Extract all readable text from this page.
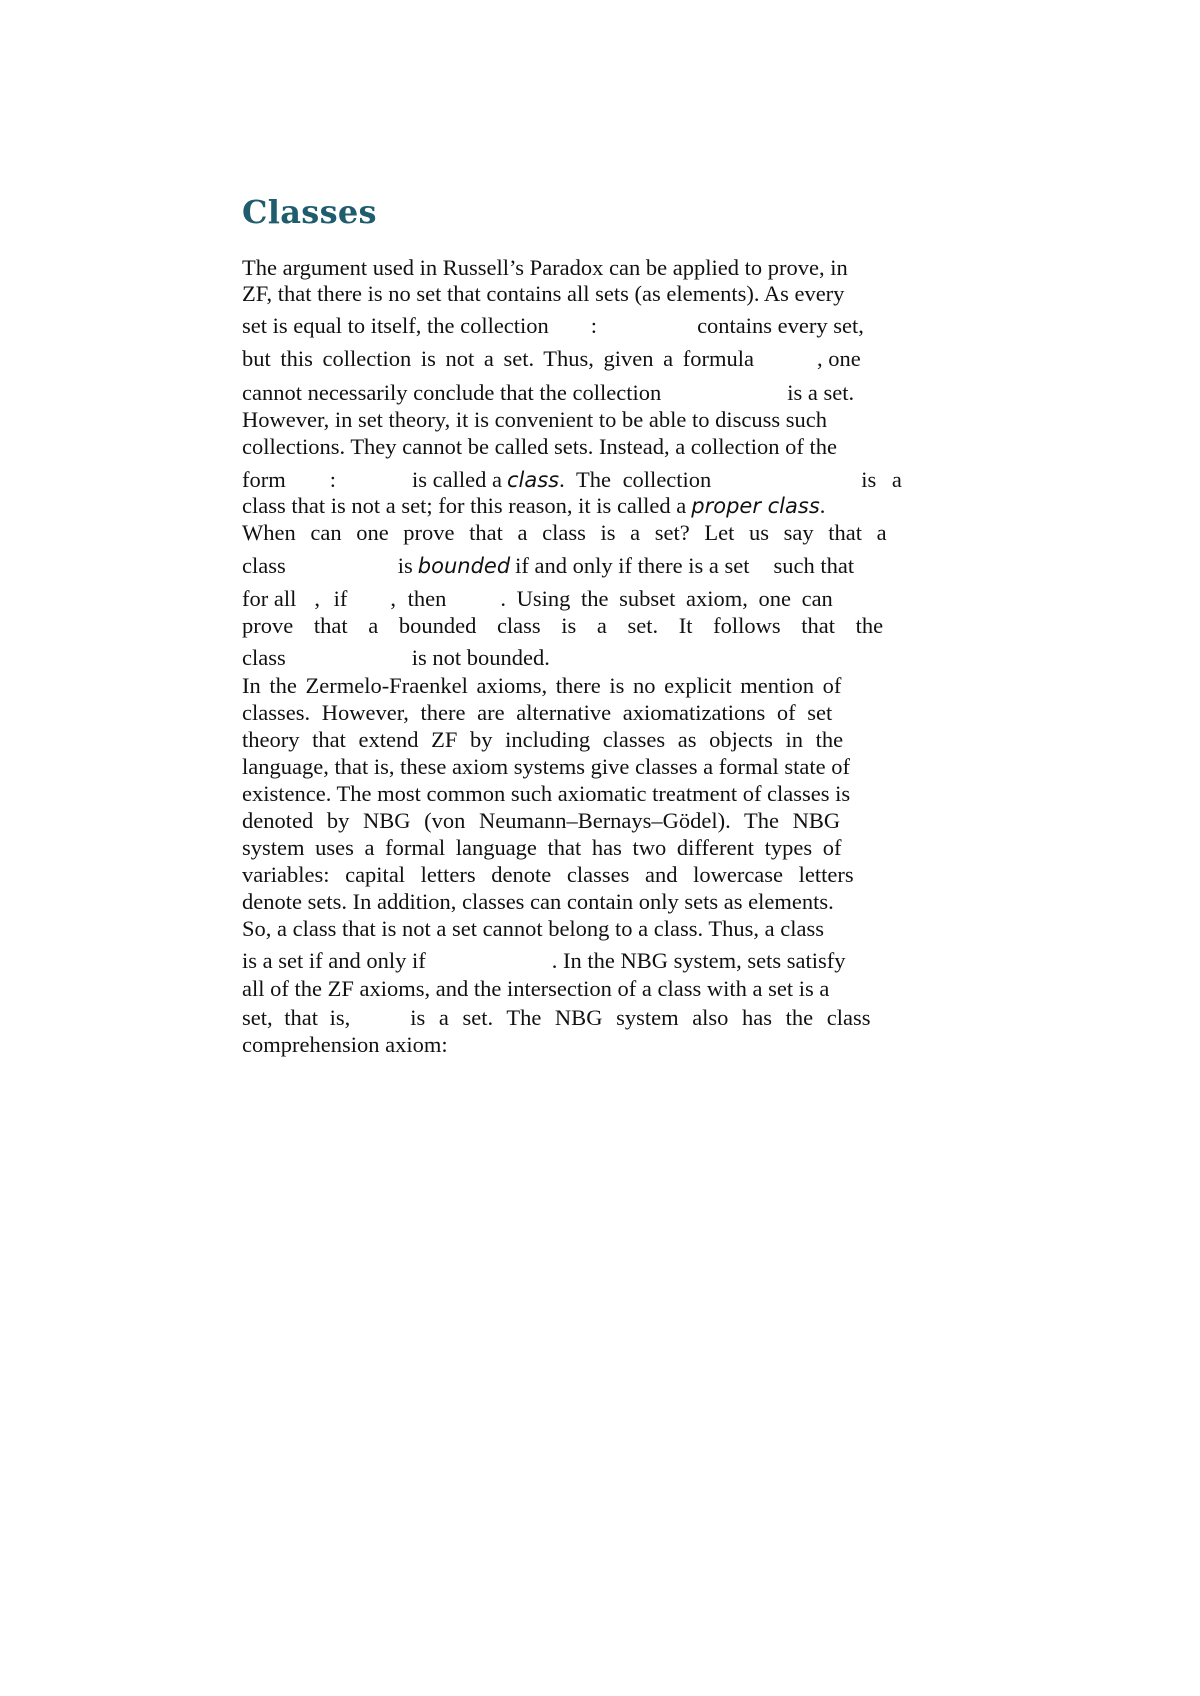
Classes
The argument used in Russell’s Paradox can be applied to prove, in
ZF, that there is no set that contains all sets (as elements). As every
set is equal to itself, the collection :	contains every set,
but this collection is not a set. Thus, given a formula	, one
cannot necessarily conclude that the collection	is a set.
However, in set theory, it is convenient to be able to discuss such
collections. They cannot be called sets. Instead, a collection of the
form :	is called a class. The collection	is a
class that is not a set; for this reason, it is called a proper class.
When can one prove that a class is a set? Let us say that a
class	is bounded if and only if there is a set such that
for all , if , then . Using the subset axiom, one can
prove that a bounded class is a set. It follows that the
class	is not bounded.
In the Zermelo-Fraenkel axioms, there is no explicit mention of
classes. However, there are alternative axiomatizations of set
theory that extend ZF by including classes as objects in the
language, that is, these axiom systems give classes a formal state of
existence. The most common such axiomatic treatment of classes is
denoted by NBG (von Neumann–Bernays–Gödel). The NBG
system uses a formal language that has two different types of
variables: capital letters denote classes and lowercase letters
denote sets. In addition, classes can contain only sets as elements.
So, a class that is not a set cannot belong to a class. Thus, a class
is a set if and only if	. In the NBG system, sets satisfy
all of the ZF axioms, and the intersection of a class with a set is a
set, that is,	is a set. The NBG system also has the class
comprehension axiom:
